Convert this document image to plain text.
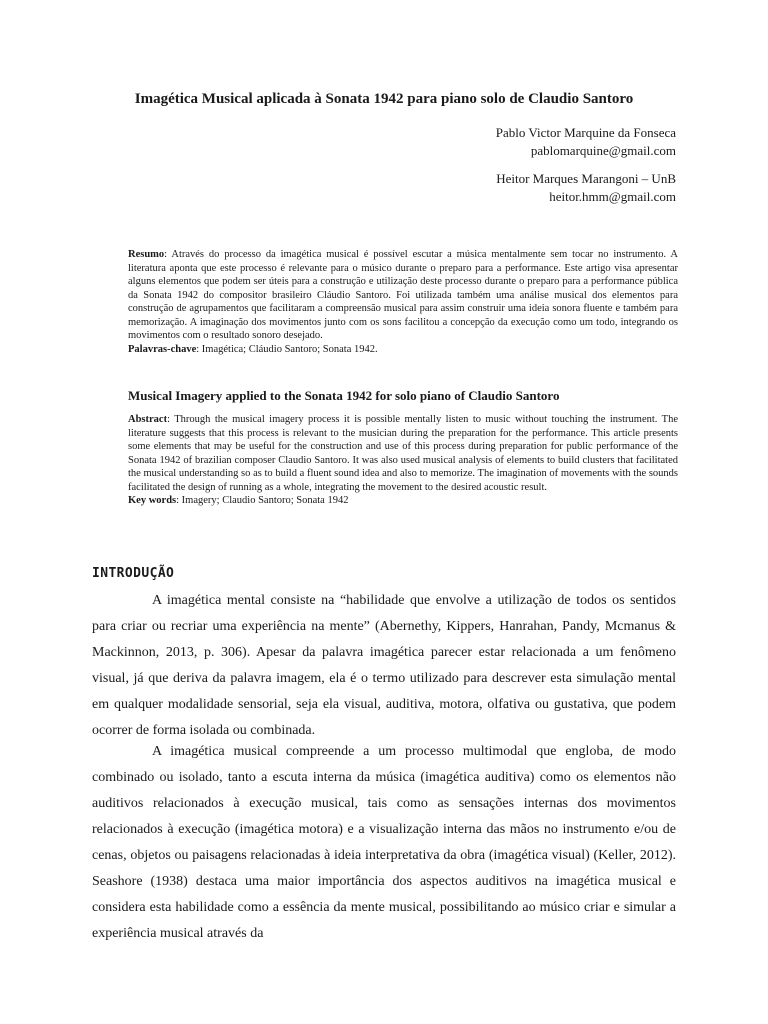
Imagética Musical aplicada à Sonata 1942 para piano solo de Claudio Santoro

Pablo Victor Marquine da Fonseca

pablomarquine@gmail.com

Heitor Marques Marangoni – UnB

heitor.hmm@gmail.com

Resumo: Através do processo da imagética musical é possível escutar a música mentalmente sem tocar no instrumento. A literatura aponta que este processo é relevante para o músico durante o preparo para a performance. Este artigo visa apresentar alguns elementos que podem ser úteis para a construção e utilização deste processo durante o preparo para a performance pública da Sonata 1942 do compositor brasileiro Cláudio Santoro. Foi utilizada também uma análise musical dos elementos para construção de agrupamentos que facilitaram a compreensão musical para assim construir uma ideia sonora fluente e também para memorização. A imaginação dos movimentos junto com os sons facilitou a concepção da execução como um todo, integrando os movimentos com o resultado sonoro desejado.

Palavras-chave: Imagética; Cláudio Santoro; Sonata 1942.

Musical Imagery applied to the Sonata 1942 for solo piano of Claudio Santoro

Abstract: Through the musical imagery process it is possible mentally listen to music without touching the instrument. The literature suggests that this process is relevant to the musician during the preparation for the performance. This article presents some elements that may be useful for the construction and use of this process during preparation for public performance of the Sonata 1942 of brazilian composer Claudio Santoro. It was also used musical analysis of elements to build clusters that facilitated the musical understanding so as to build a fluent sound idea and also to memorize. The imagination of movements with the sounds facilitated the design of running as a whole, integrating the movement to the desired acoustic result.

Key words: Imagery; Claudio Santoro; Sonata 1942

INTRODUÇÃO

A imagética mental consiste na “habilidade que envolve a utilização de todos os sentidos para criar ou recriar uma experiência na mente” (Abernethy, Kippers, Hanrahan, Pandy, Mcmanus & Mackinnon, 2013, p. 306). Apesar da palavra imagética parecer estar relacionada a um fenômeno visual, já que deriva da palavra imagem, ela é o termo utilizado para descrever esta simulação mental em qualquer modalidade sensorial, seja ela visual, auditiva, motora, olfativa ou gustativa, que podem ocorrer de forma isolada ou combinada.

A imagética musical compreende a um processo multimodal que engloba, de modo combinado ou isolado, tanto a escuta interna da música (imagética auditiva) como os elementos não auditivos relacionados à execução musical, tais como as sensações internas dos movimentos relacionados à execução (imagética motora) e a visualização interna das mãos no instrumento e/ou de cenas, objetos ou paisagens relacionadas à ideia interpretativa da obra (imagética visual) (Keller, 2012). Seashore (1938) destaca uma maior importância dos aspectos auditivos na imagética musical e considera esta habilidade como a essência da mente musical, possibilitando ao músico criar e simular a experiência musical através da
